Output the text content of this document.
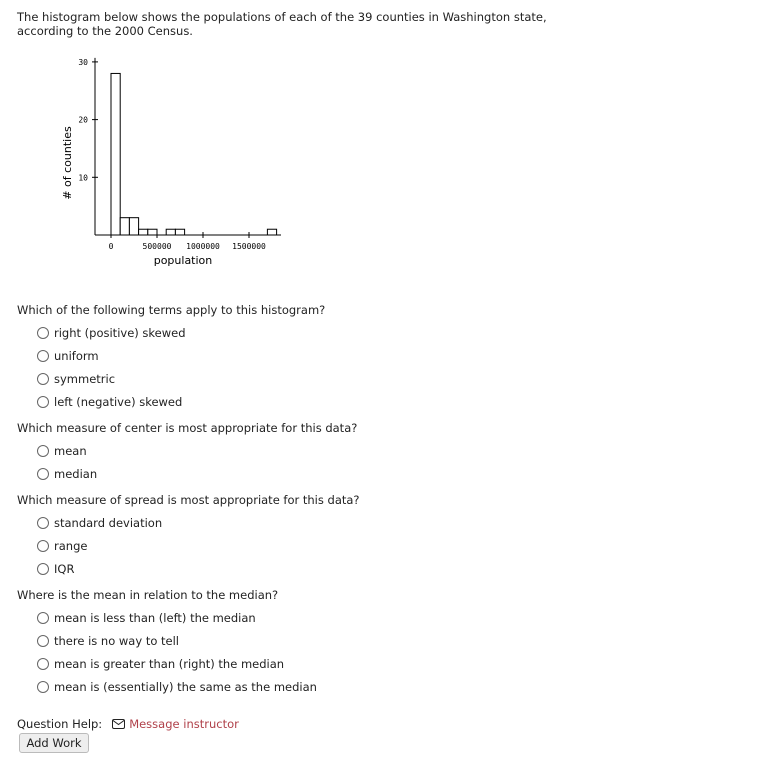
The histogram below shows the populations of each of the 39 counties in Washington state, according to the 2000 Census.
0	500000 1000000 1500000
10
20
30
population
# of counties
Which of the following terms apply to this histogram?
right (positive) skewed
uniform
symmetric
left (negative) skewed
Which measure of center is most appropriate for this data?
mean
median
Which measure of spread is most appropriate for this data?
standard deviation
range
IQR
Where is the mean in relation to the median?
mean is less than (left) the median
there is no way to tell
mean is greater than (right) the median
mean is (essentially) the same as the median
Question Help: Message instructor
Add Work
